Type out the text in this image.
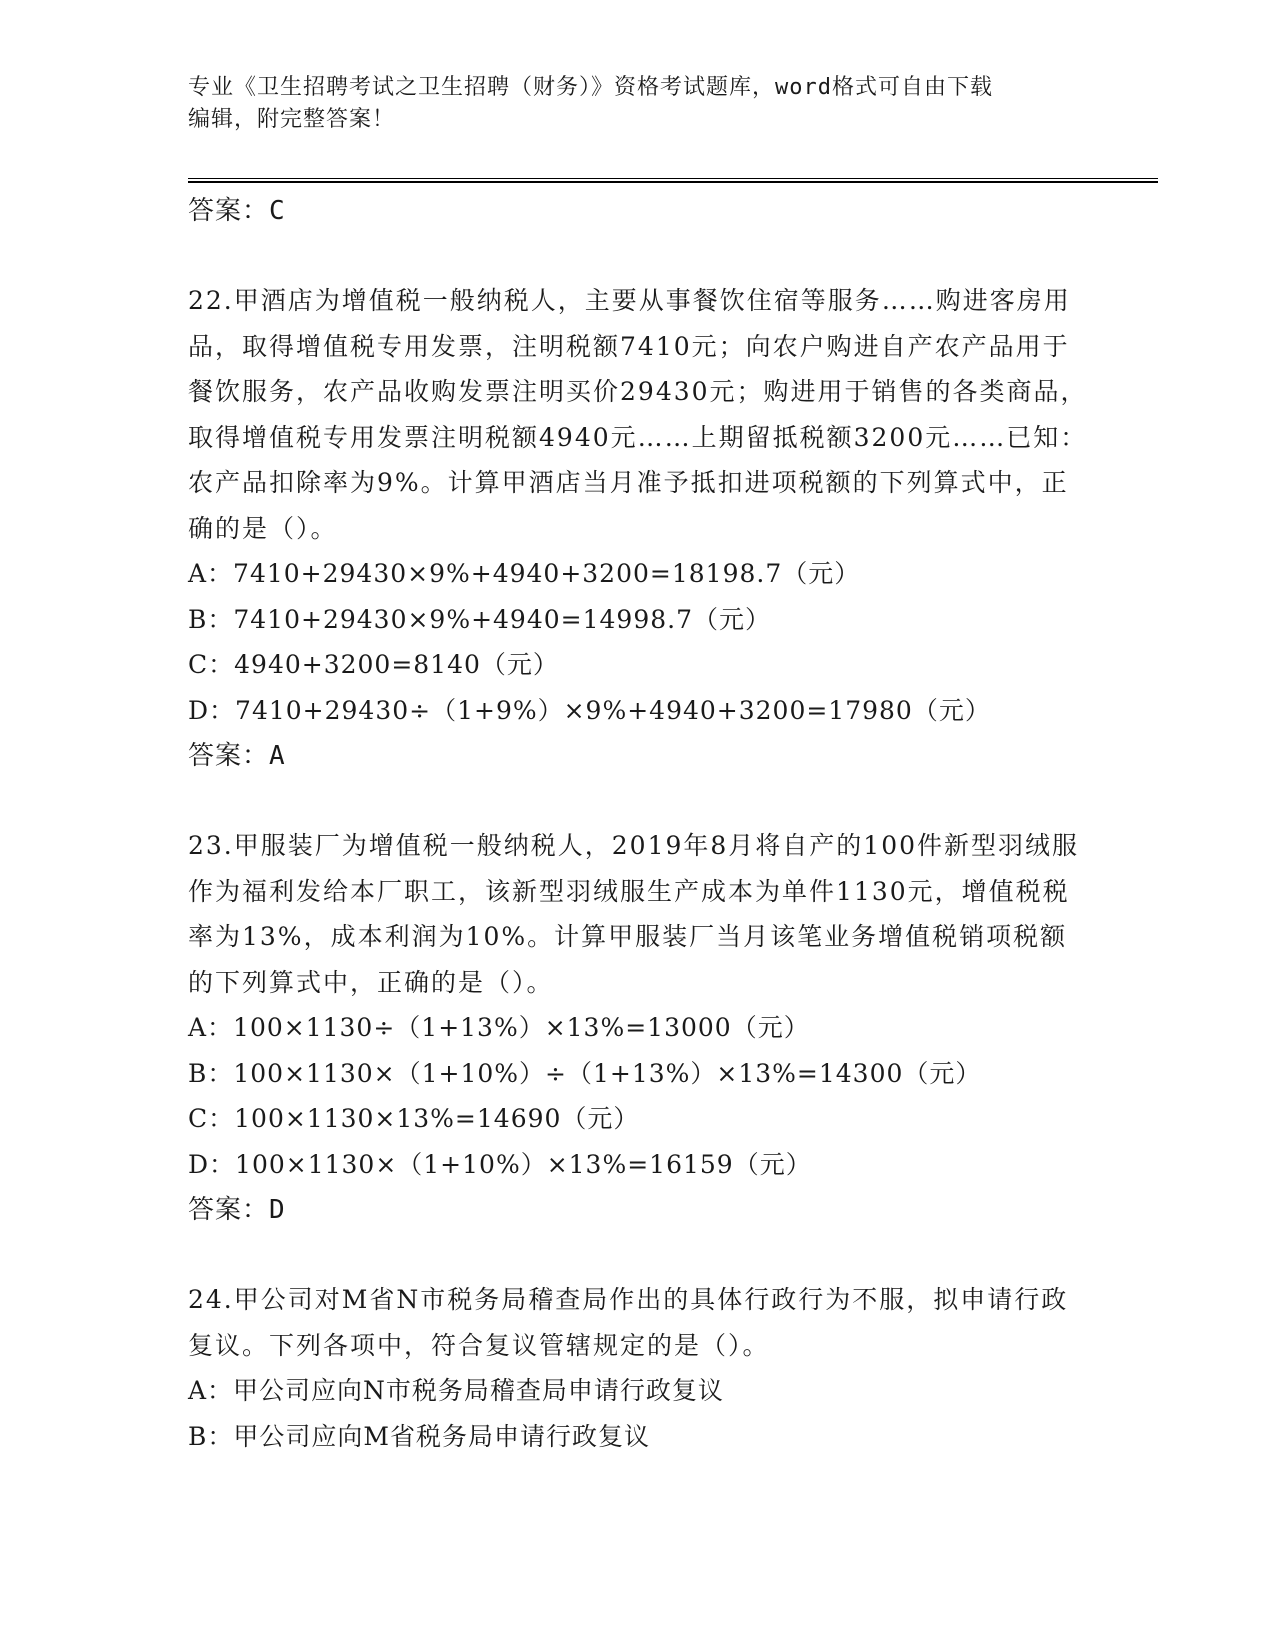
专业《卫生招聘考试之卫生招聘（财务）》资格考试题库，word格式可自由下载
编辑，附完整答案！
答案：C

22.甲酒店为增值税一般纳税人，主要从事餐饮住宿等服务……购进客房用品，取得增值税专用发票，注明税额7410元；向农户购进自产农产品用于餐饮服务，农产品收购发票注明买价29430元；购进用于销售的各类商品，取得增值税专用发票注明税额4940元……上期留抵税额3200元……已知：农产品扣除率为9%。计算甲酒店当月准予抵扣进项税额的下列算式中，正确的是（）。

A：7410+29430×9%+4940+3200=18198.7（元）
B：7410+29430×9%+4940=14998.7（元）
C：4940+3200=8140（元）
D：7410+29430÷（1+9%）×9%+4940+3200=17980（元）
答案：A

23.甲服装厂为增值税一般纳税人，2019年8月将自产的100件新型羽绒服作为福利发给本厂职工，该新型羽绒服生产成本为单件1130元，增值税税率为13%，成本利润为10%。计算甲服装厂当月该笔业务增值税销项税额的下列算式中，正确的是（）。

A：100×1130÷（1+13%）×13%=13000（元）
B：100×1130×（1+10%）÷（1+13%）×13%=14300（元）
C：100×1130×13%=14690（元）
D：100×1130×（1+10%）×13%=16159（元）
答案：D

24.甲公司对M省N市税务局稽查局作出的具体行政行为不服，拟申请行政复议。下列各项中，符合复议管辖规定的是（）。

A：甲公司应向N市税务局稽查局申请行政复议
B：甲公司应向M省税务局申请行政复议
